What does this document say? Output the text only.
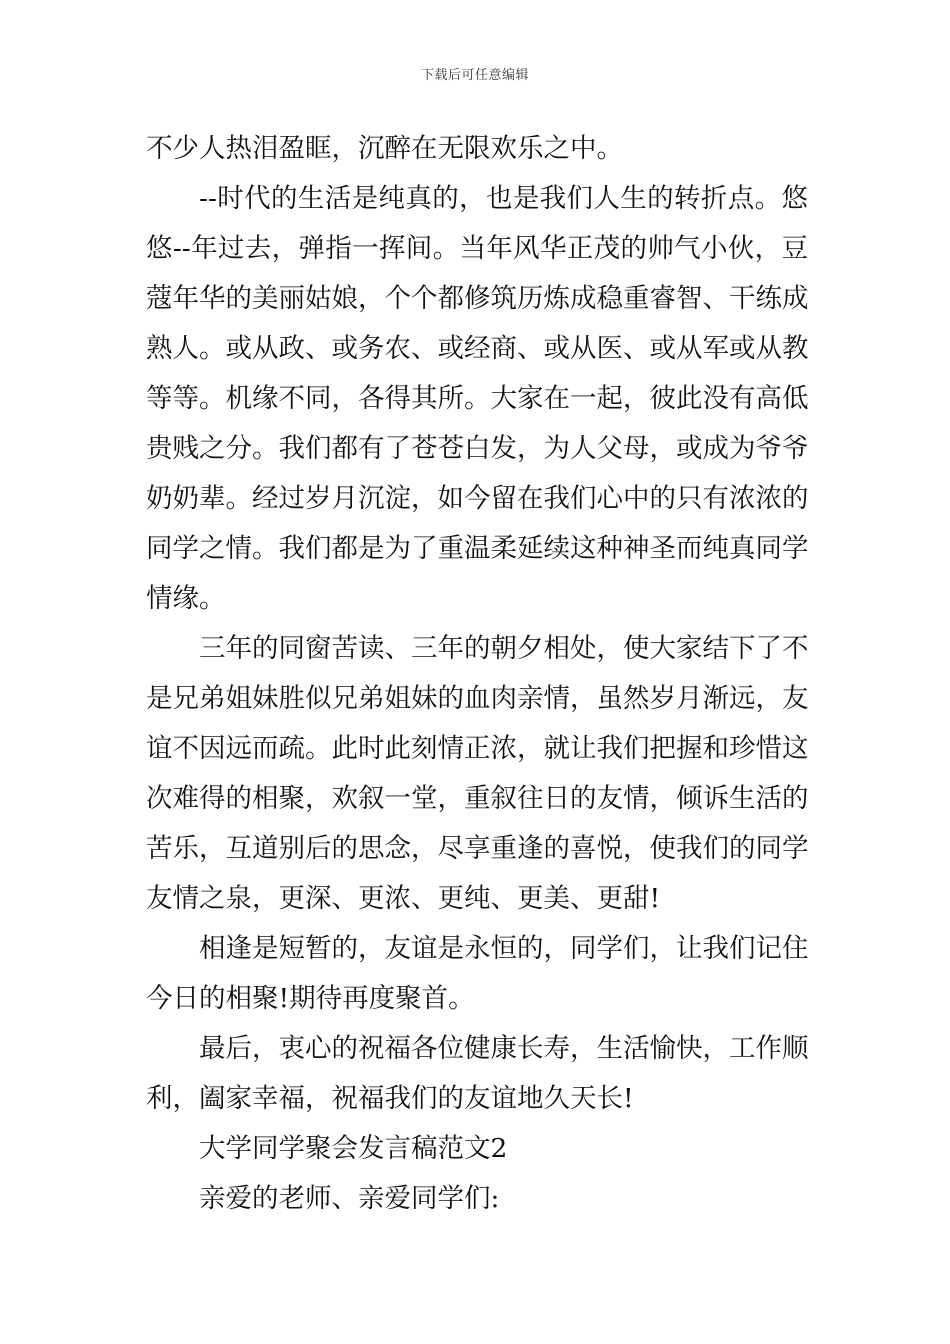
下载后可任意编辑
不少人热泪盈眶，沉醉在无限欢乐之中。
--时代的生活是纯真的，也是我们人生的转折点。悠
悠--年过去，弹指一挥间。当年风华正茂的帅气小伙，豆
蔻年华的美丽姑娘，个个都修筑历炼成稳重睿智、干练成
熟人。或从政、或务农、或经商、或从医、或从军或从教
等等。机缘不同，各得其所。大家在一起，彼此没有高低
贵贱之分。我们都有了苍苍白发，为人父母，或成为爷爷
奶奶辈。经过岁月沉淀，如今留在我们心中的只有浓浓的
同学之情。我们都是为了重温柔延续这种神圣而纯真同学
情缘。
三年的同窗苦读、三年的朝夕相处，使大家结下了不
是兄弟姐妹胜似兄弟姐妹的血肉亲情，虽然岁月渐远，友
谊不因远而疏。此时此刻情正浓，就让我们把握和珍惜这
次难得的相聚，欢叙一堂，重叙往日的友情，倾诉生活的
苦乐，互道别后的思念，尽享重逢的喜悦，使我们的同学
友情之泉，更深、更浓、更纯、更美、更甜!
相逢是短暂的，友谊是永恒的，同学们，让我们记住
今日的相聚!期待再度聚首。
最后，衷心的祝福各位健康长寿，生活愉快，工作顺
利，阖家幸福，祝福我们的友谊地久天长!
大学同学聚会发言稿范文2
亲爱的老师、亲爱同学们:
